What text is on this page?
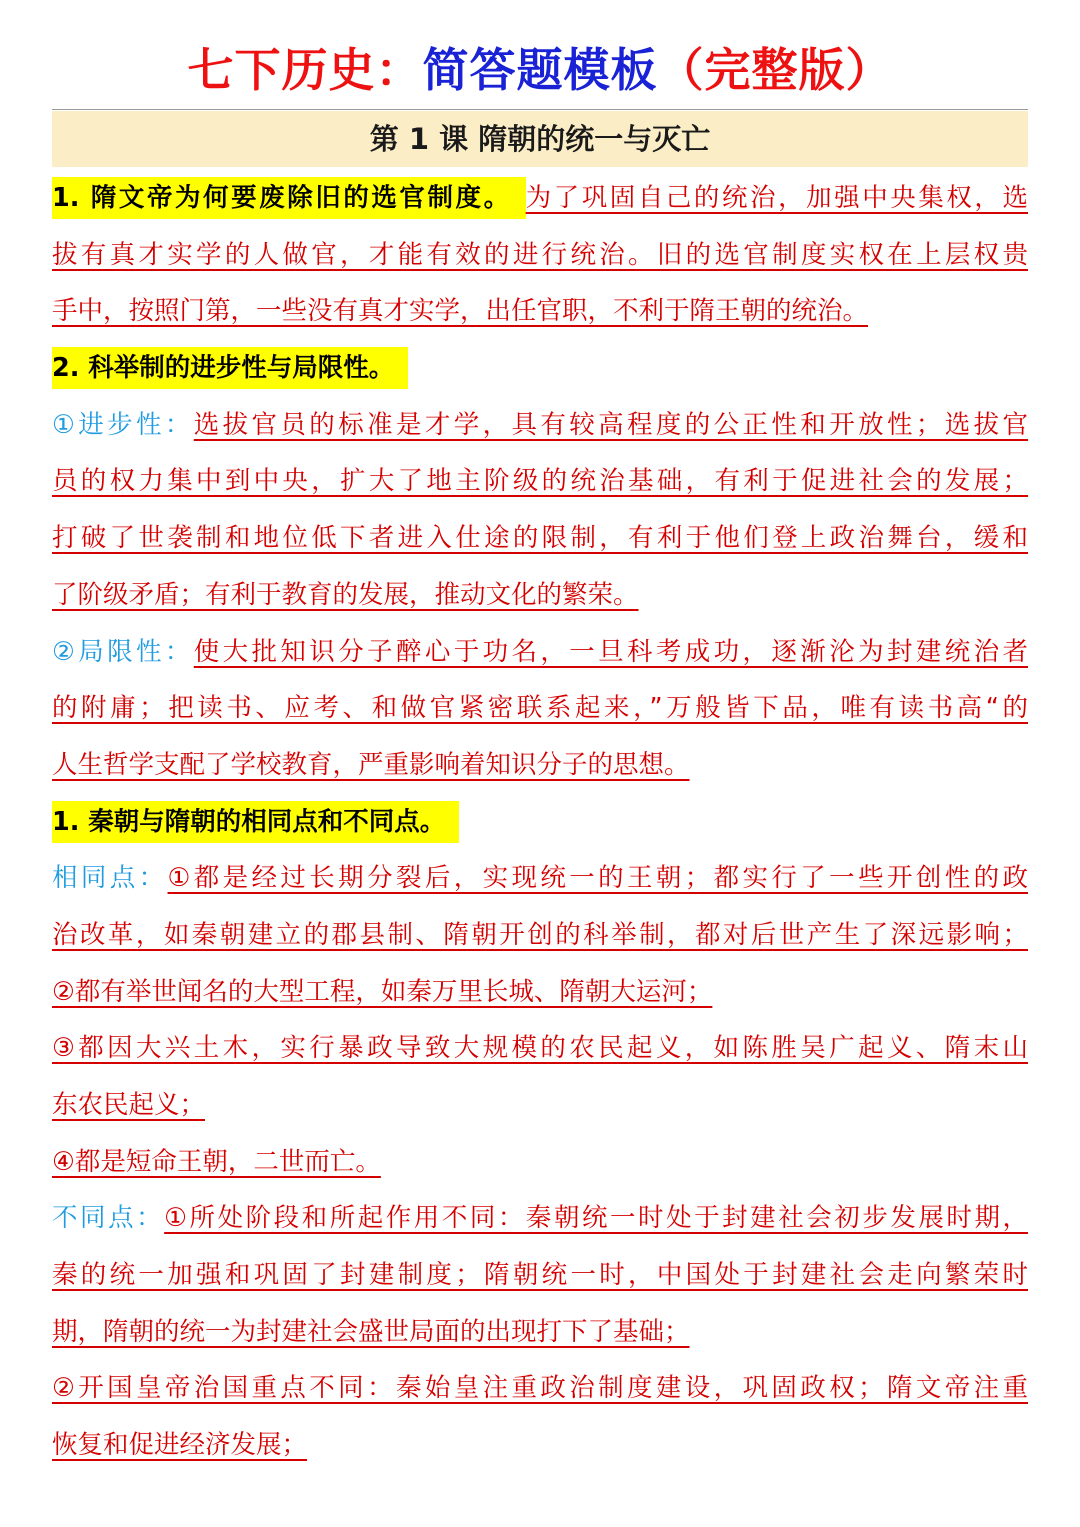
七下历史：简答题模板（完整版）
第 1 课 隋朝的统一与灭亡
1. 隋文帝为何要废除旧的选官制度。 为了巩固自己的统治，加强中央集权，选
拔有真才实学的人做官，才能有效的进行统治。旧的选官制度实权在上层权贵
手中，按照门第，一些没有真才实学，出任官职，不利于隋王朝的统治。
2. 科举制的进步性与局限性。
①进步性：选拔官员的标准是才学，具有较高程度的公正性和开放性；选拔官
员的权力集中到中央，扩大了地主阶级的统治基础，有利于促进社会的发展；
打破了世袭制和地位低下者进入仕途的限制，有利于他们登上政治舞台，缓和
了阶级矛盾；有利于教育的发展，推动文化的繁荣。
②局限性：使大批知识分子醉心于功名，一旦科考成功，逐渐沦为封建统治者
的附庸；把读书、应考、和做官紧密联系起来，”万般皆下品，唯有读书高“的
人生哲学支配了学校教育，严重影响着知识分子的思想。
1. 秦朝与隋朝的相同点和不同点。
相同点：①都是经过长期分裂后，实现统一的王朝；都实行了一些开创性的政
治改革，如秦朝建立的郡县制、隋朝开创的科举制，都对后世产生了深远影响；
②都有举世闻名的大型工程，如秦万里长城、隋朝大运河；
③都因大兴土木，实行暴政导致大规模的农民起义，如陈胜吴广起义、隋末山
东农民起义；
④都是短命王朝，二世而亡。
不同点：①所处阶段和所起作用不同：秦朝统一时处于封建社会初步发展时期，
秦的统一加强和巩固了封建制度；隋朝统一时，中国处于封建社会走向繁荣时
期，隋朝的统一为封建社会盛世局面的出现打下了基础；
②开国皇帝治国重点不同：秦始皇注重政治制度建设，巩固政权；隋文帝注重
恢复和促进经济发展；
